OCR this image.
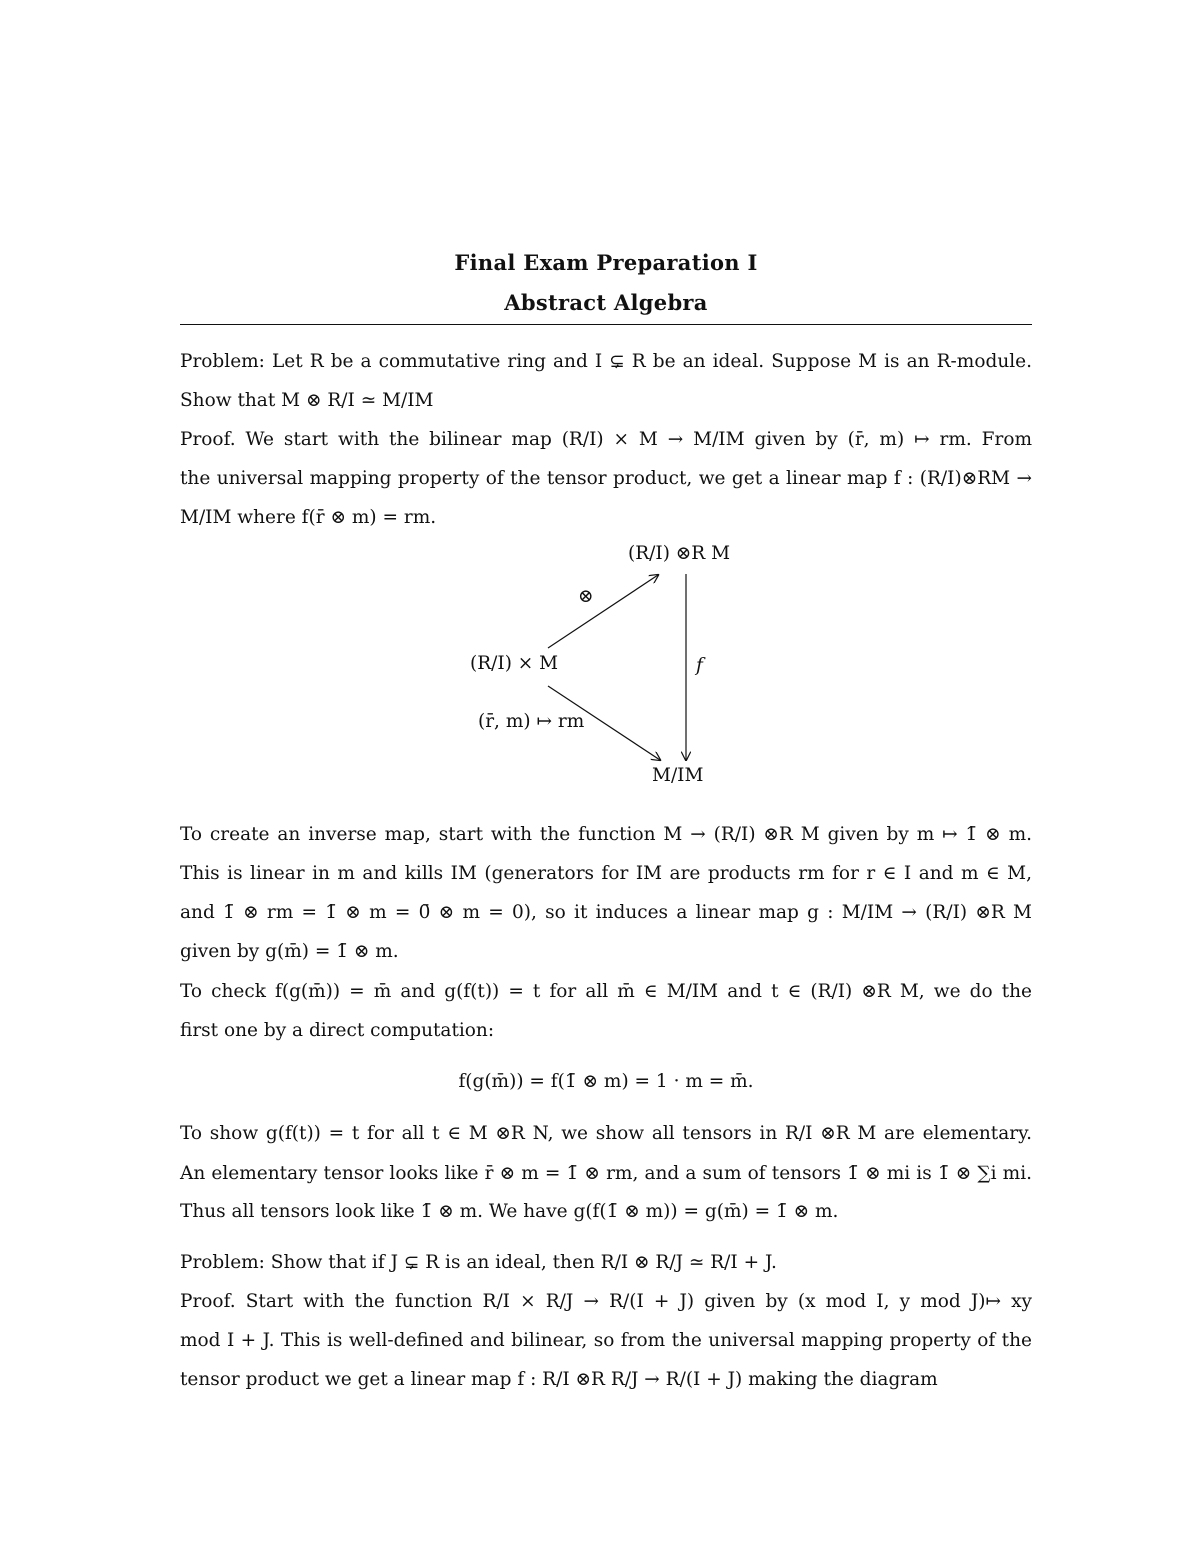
Final Exam Preparation I
Abstract Algebra
Problem: Let R be a commutative ring and I ⊊ R be an ideal. Suppose M is an R-module.
Show that M ⊗ R/I ≃ M/IM
Proof. We start with the bilinear map (R/I) × M → M/IM given by (r̄, m) ↦ rm. From
the universal mapping property of the tensor product, we get a linear map f : (R/I)⊗RM →
M/IM where f(r̄ ⊗ m) = rm.
(R/I) ⊗R M
(R/I) × M
M/IM
⊗
f
(r̄, m) ↦ rm
To create an inverse map, start with the function M → (R/I) ⊗R M given by m ↦ 1̄ ⊗ m.
This is linear in m and kills IM (generators for IM are products rm for r ∈ I and m ∈ M,
and 1̄ ⊗ rm = 1̄ ⊗ m = 0̄ ⊗ m = 0), so it induces a linear map g : M/IM → (R/I) ⊗R M
given by g(m̄) = 1̄ ⊗ m.
To check f(g(m̄)) = m̄ and g(f(t)) = t for all m̄ ∈ M/IM and t ∈ (R/I) ⊗R M, we do the
first one by a direct computation:
f(g(m̄)) = f(1̄ ⊗ m) = 1 · m = m̄.
To show g(f(t)) = t for all t ∈ M ⊗R N, we show all tensors in R/I ⊗R M are elementary.
An elementary tensor looks like r̄ ⊗ m = 1̄ ⊗ rm, and a sum of tensors 1̄ ⊗ mi is 1̄ ⊗ ∑i mi.
Thus all tensors look like 1̄ ⊗ m. We have g(f(1̄ ⊗ m)) = g(m̄) = 1̄ ⊗ m.
Problem: Show that if J ⊊ R is an ideal, then R/I ⊗ R/J ≃ R/I + J.
Proof. Start with the function R/I × R/J → R/(I + J) given by (x mod I, y mod J)↦ xy
mod I + J. This is well-defined and bilinear, so from the universal mapping property of the
tensor product we get a linear map f : R/I ⊗R R/J → R/(I + J) making the diagram
